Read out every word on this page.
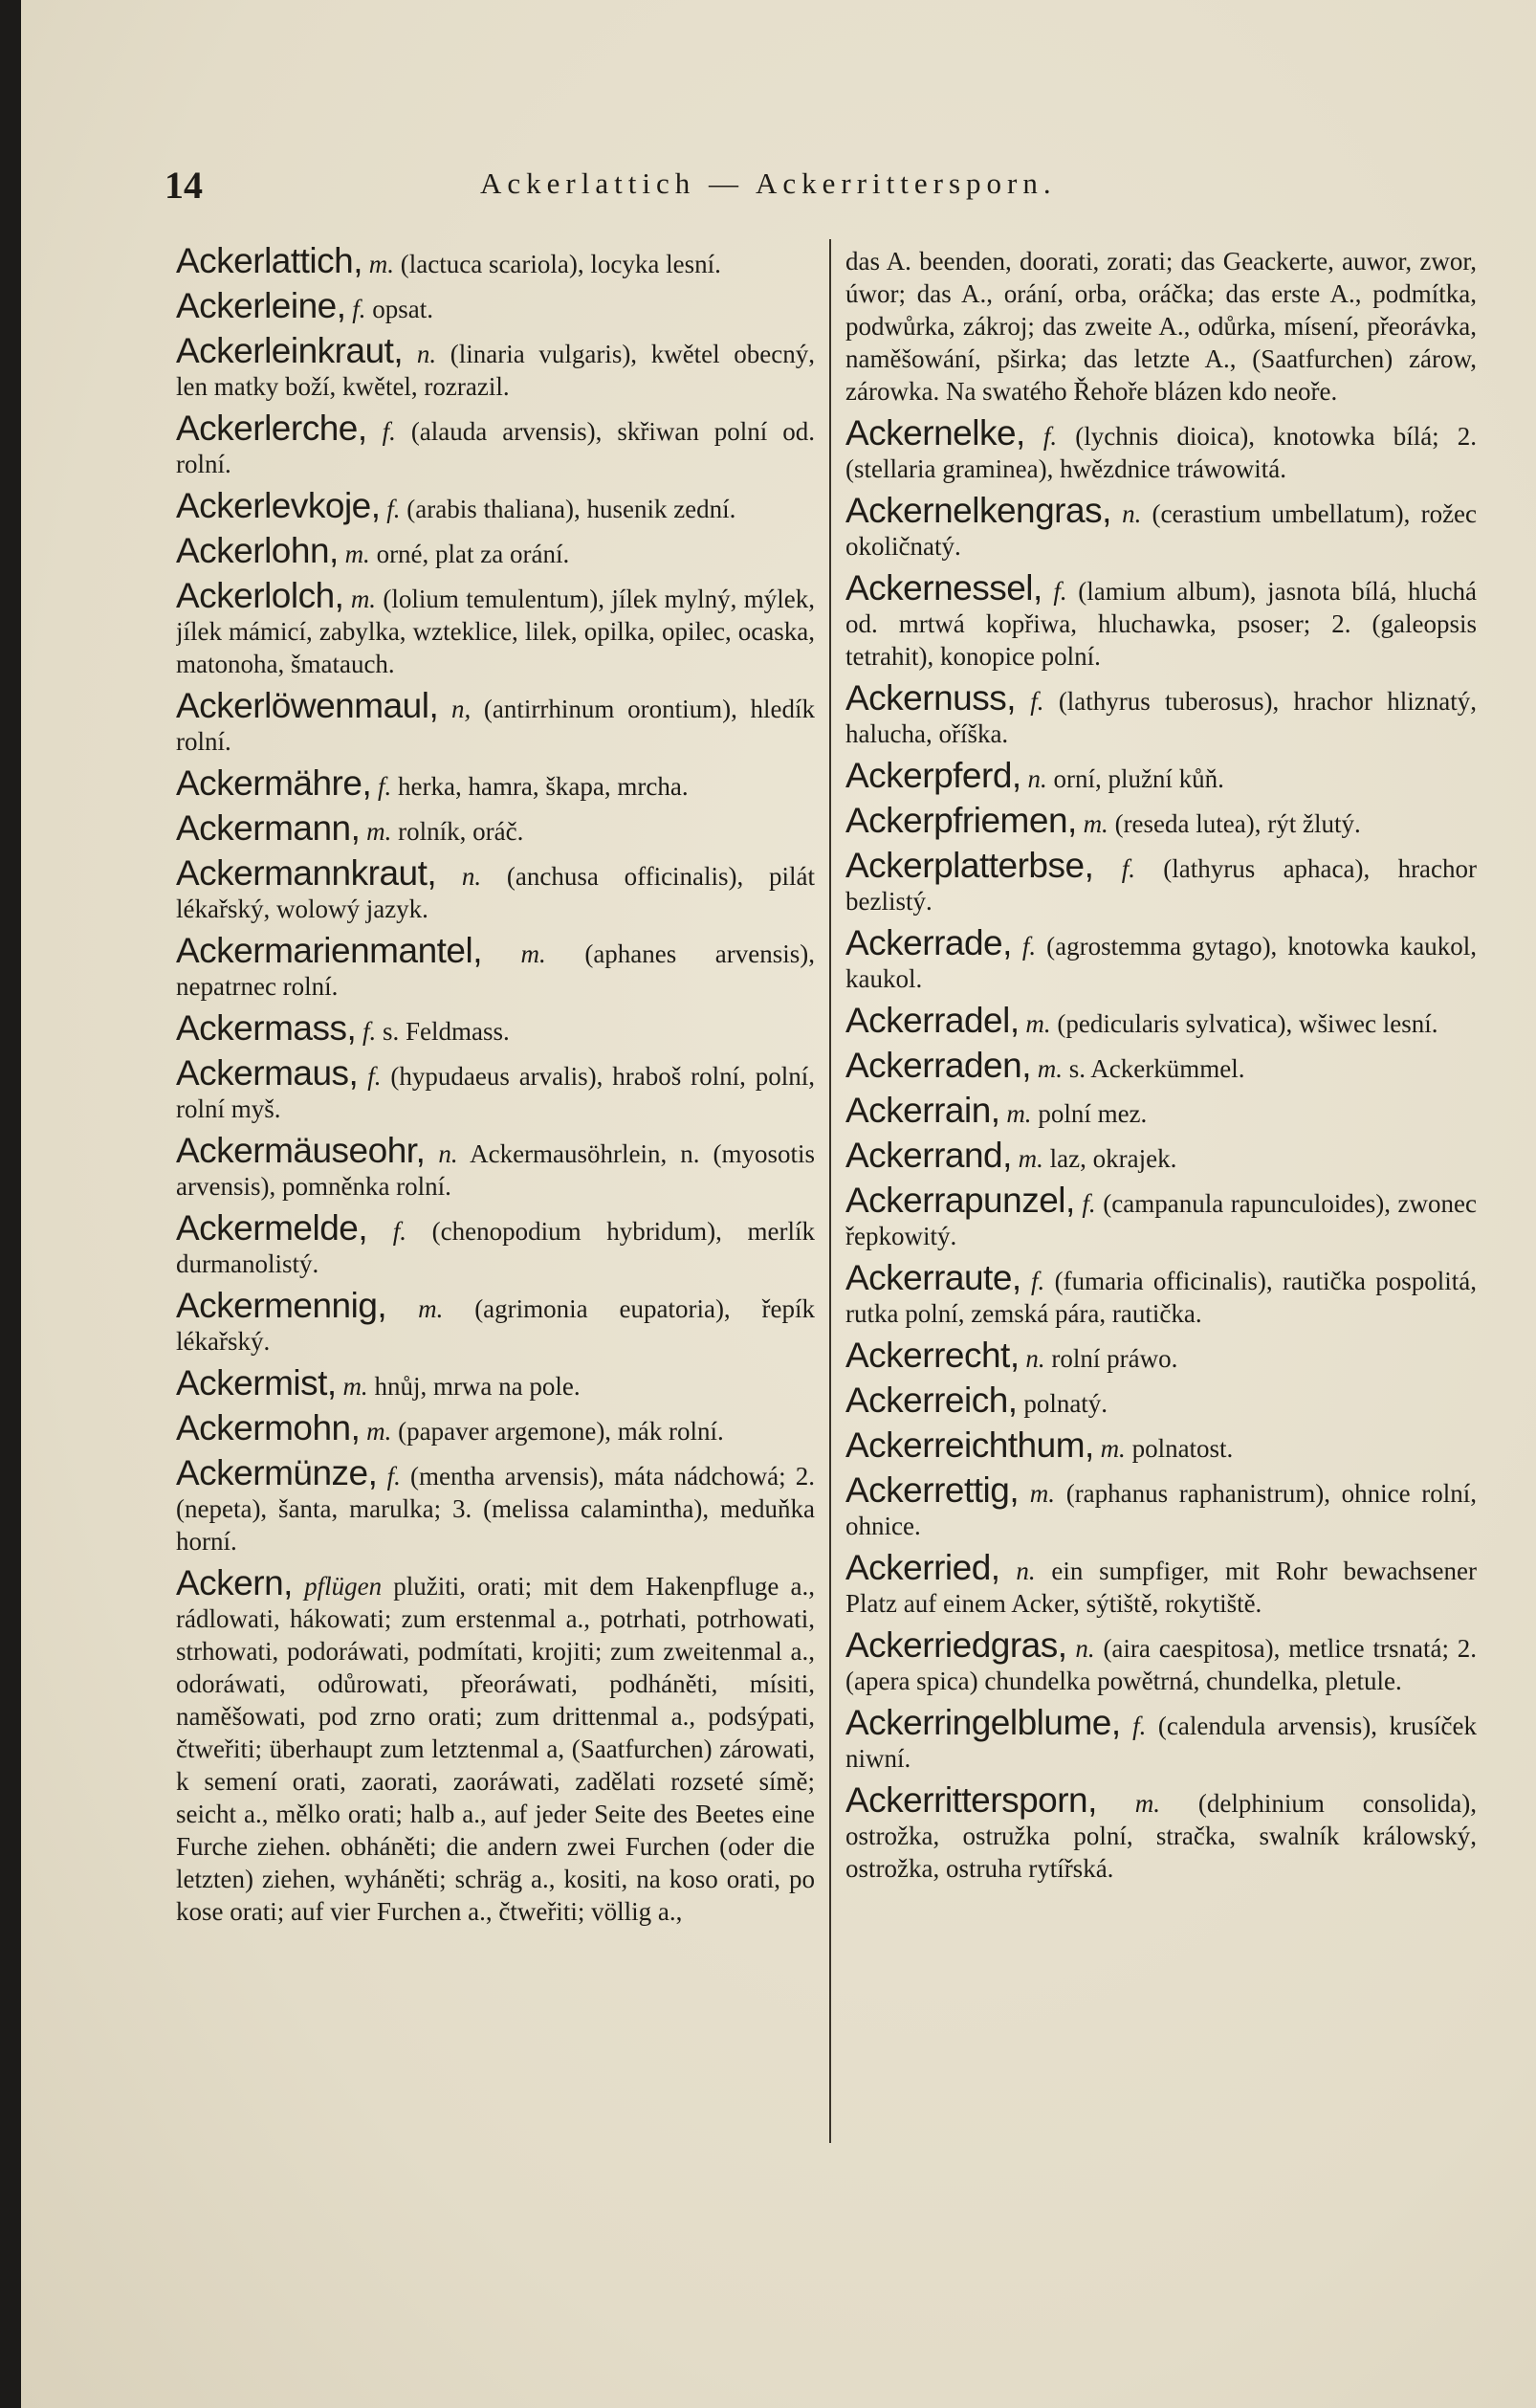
14	Ackerlattich — Ackerrittersporn.

Ackerlattich, m. (lactuca scariola), locyka lesní.

Ackerleine, f. opsat.

Ackerleinkraut, n. (linaria vulgaris), kwětel obecný, len matky boží, kwětel, rozrazil.

Ackerlerche, f. (alauda arvensis), skřiwan polní od. rolní.

Ackerlevkoje, f. (arabis thaliana), husenik zední.

Ackerlohn, m. orné, plat za orání.

Ackerlolch, m. (lolium temulentum), jílek mylný, mýlek, jílek mámicí, zabylka, wzteklice, lilek, opilka, opilec, ocaska, matonoha, šmatauch.

Ackerlöwenmaul, n, (antirrhinum orontium), hledík rolní.

Ackermähre, f. herka, hamra, škapa, mrcha.

Ackermann, m. rolník, oráč.

Ackermannkraut, n. (anchusa officinalis), pilát lékařský, wolowý jazyk.

Ackermarienmantel, m. (aphanes arvensis), nepatrnec rolní.

Ackermass, f. s. Feldmass.

Ackermaus, f. (hypudaeus arvalis), hraboš rolní, polní, rolní myš.

Ackermäuseohr, n. Ackermausöhrlein, n. (myosotis arvensis), pomněnka rolní.

Ackermelde, f. (chenopodium hybridum), merlík durmanolistý.

Ackermennig, m. (agrimonia eupatoria), řepík lékařský.

Ackermist, m. hnůj, mrwa na pole.

Ackermohn, m. (papaver argemone), mák rolní.

Ackermünze, f. (mentha arvensis), máta nádchowá; 2. (nepeta), šanta, marulka; 3. (melissa calamintha), meduňka horní.

Ackern, pflügen plužiti, orati; mit dem Hakenpfluge a., rádlowati, hákowati; zum erstenmal a., potrhati, potrhowati, strhowati, podoráwati, podmítati, krojiti; zum zweitenmal a., odoráwati, odůrowati, přeoráwati, podháněti, mísiti, naměšowati, pod zrno orati; zum drittenmal a., podsýpati, čtweřiti; überhaupt zum letztenmal a, (Saatfurchen) zárowati, k semení orati, zaorati, zaoráwati, zadělati rozseté símě; seicht a., mělko orati; halb a., auf jeder Seite des Beetes eine Furche ziehen. obháněti; die andern zwei Furchen (oder die letzten) ziehen, wyháněti; schräg a., kositi, na koso orati, po kose orati; auf vier Furchen a., čtweřiti; völlig a.,

das A. beenden, doorati, zorati; das Geackerte, auwor, zwor, úwor; das A., orání, orba, oráčka; das erste A., podmítka, podwůrka, zákroj; das zweite A., odůrka, mísení, přeorávka, naměšowání, pširka; das letzte A., (Saatfurchen) zárow, zárowka. Na swatého Řehoře blázen kdo neoře.

Ackernelke, f. (lychnis dioica), knotowka bílá; 2. (stellaria graminea), hwězdnice tráwowitá.

Ackernelkengras, n. (cerastium umbellatum), rožec okoličnatý.

Ackernessel, f. (lamium album), jasnota bílá, hluchá od. mrtwá kopřiwa, hluchawka, psoser; 2. (galeopsis tetrahit), konopice polní.

Ackernuss, f. (lathyrus tuberosus), hrachor hliznatý, halucha, oříška.

Ackerpferd, n. orní, plužní kůň.

Ackerpfriemen, m. (reseda lutea), rýt žlutý.

Ackerplatterbse, f. (lathyrus aphaca), hrachor bezlistý.

Ackerrade, f. (agrostemma gytago), knotowka kaukol, kaukol.

Ackerradel, m. (pedicularis sylvatica), wšiwec lesní.

Ackerraden, m. s. Ackerkümmel.

Ackerrain, m. polní mez.

Ackerrand, m. laz, okrajek.

Ackerrapunzel, f. (campanula rapunculoides), zwonec řepkowitý.

Ackerraute, f. (fumaria officinalis), rautička pospolitá, rutka polní, zemská pára, rautička.

Ackerrecht, n. rolní práwo.

Ackerreich, polnatý.

Ackerreichthum, m. polnatost.

Ackerrettig, m. (raphanus raphanistrum), ohnice rolní, ohnice.

Ackerried, n. ein sumpfiger, mit Rohr bewachsener Platz auf einem Acker, sýtiště, rokytiště.

Ackerriedgras, n. (aira caespitosa), metlice trsnatá; 2. (apera spica) chundelka powětrná, chundelka, pletule.

Ackerringelblume, f. (calendula arvensis), krusíček niwní.

Ackerrittersporn, m. (delphinium consolida), ostrožka, ostružka polní, stračka, swalník králowský, ostrožka, ostruha rytířská.
